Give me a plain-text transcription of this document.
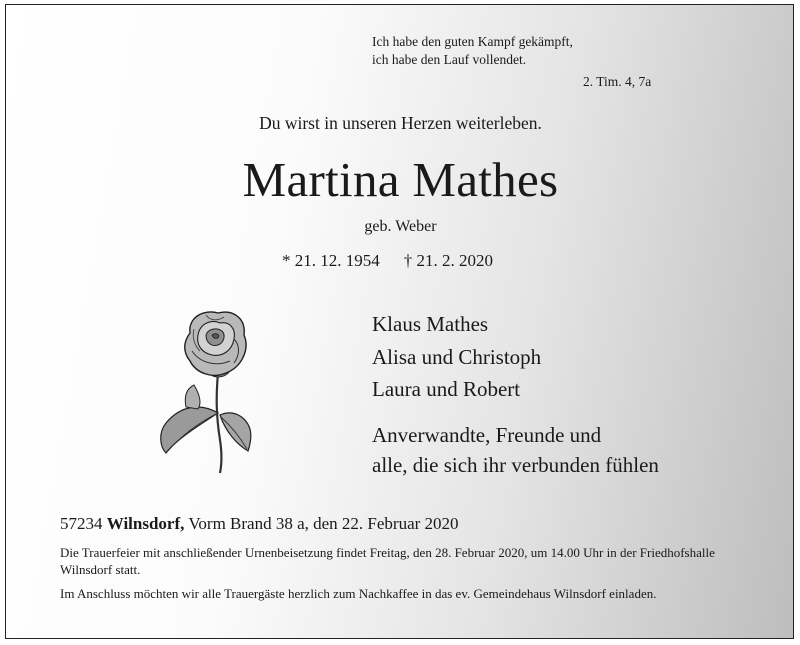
Ich habe den guten Kampf gekämpft,
ich habe den Lauf vollendet.
2. Tim. 4, 7a
Du wirst in unseren Herzen weiterleben.
Martina Mathes
geb. Weber
* 21. 12. 1954 † 21. 2. 2020
Klaus Mathes
Alisa und Christoph
Laura und Robert
Anverwandte, Freunde und
alle, die sich ihr verbunden fühlen
57234 Wilnsdorf, Vorm Brand 38 a, den 22. Februar 2020
Die Trauerfeier mit anschließender Urnenbeisetzung findet Freitag, den 28. Februar 2020, um 14.00 Uhr in der Friedhofshalle Wilnsdorf statt.
Im Anschluss möchten wir alle Trauergäste herzlich zum Nachkaffee in das ev. Gemeindehaus Wilnsdorf einladen.
